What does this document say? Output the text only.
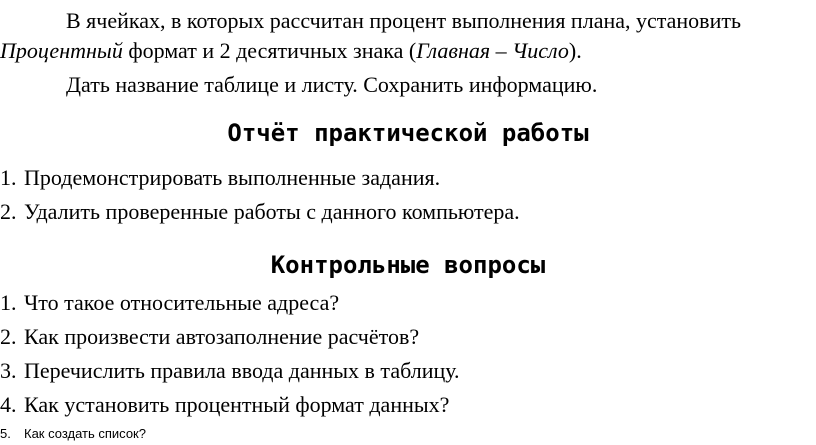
В ячейках, в которых рассчитан процент выполнения плана, установить
Процентный формат и 2 десятичных знака (Главная – Число).
Дать название таблице и листу. Сохранить информацию.
Отчёт практической работы
1. Продемонстрировать выполненные задания.
2. Удалить проверенные работы с данного компьютера.
Контрольные вопросы
1. Что такое относительные адреса?
2. Как произвести автозаполнение расчётов?
3. Перечислить правила ввода данных в таблицу.
4. Как установить процентный формат данных?
5. Как создать список?
